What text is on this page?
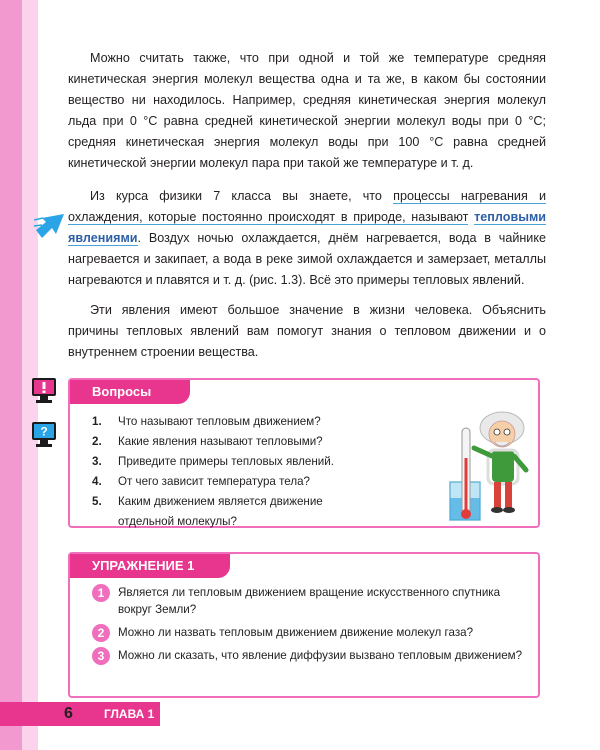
Можно считать также, что при одной и той же температуре средняя кинетическая энергия молекул вещества одна и та же, в каком бы состоянии вещество ни находилось. Например, средняя кинетическая энергия молекул льда при 0 °С равна средней кинетической энергии молекул воды при 0 °С; средняя кинетическая энергия молекул воды при 100 °С равна средней кинетической энергии молекул пара при такой же температуре и т. д.

Из курса физики 7 класса вы знаете, что процессы нагревания и охлаждения, которые постоянно происходят в природе, называют тепловыми явлениями. Воздух ночью охлаждается, днём нагревается, вода в чайнике нагревается и закипает, а вода в реке зимой охлаждается и замерзает, металлы нагреваются и плавятся и т. д. (рис. 1.3). Всё это примеры тепловых явлений.

Эти явления имеют большое значение в жизни человека. Объяснить причины тепловых явлений вам помогут знания о тепловом движении и о внутреннем строении вещества.

?
Вопросы
1. Что называют тепловым движением?
2. Какие явления называют тепловыми?
3. Приведите примеры тепловых явлений.
4. От чего зависит температура тела?
5. Каким движением является движение отдельной молекулы?
УПРАЖНЕНИЕ 1
1	Является ли тепловым движением вращение искусственного спутника вокруг Земли?
2	Можно ли назвать тепловым движением движение молекул газа?
3	Можно ли сказать, что явление диффузии вызвано тепловым движением?
6	ГЛАВА 1
